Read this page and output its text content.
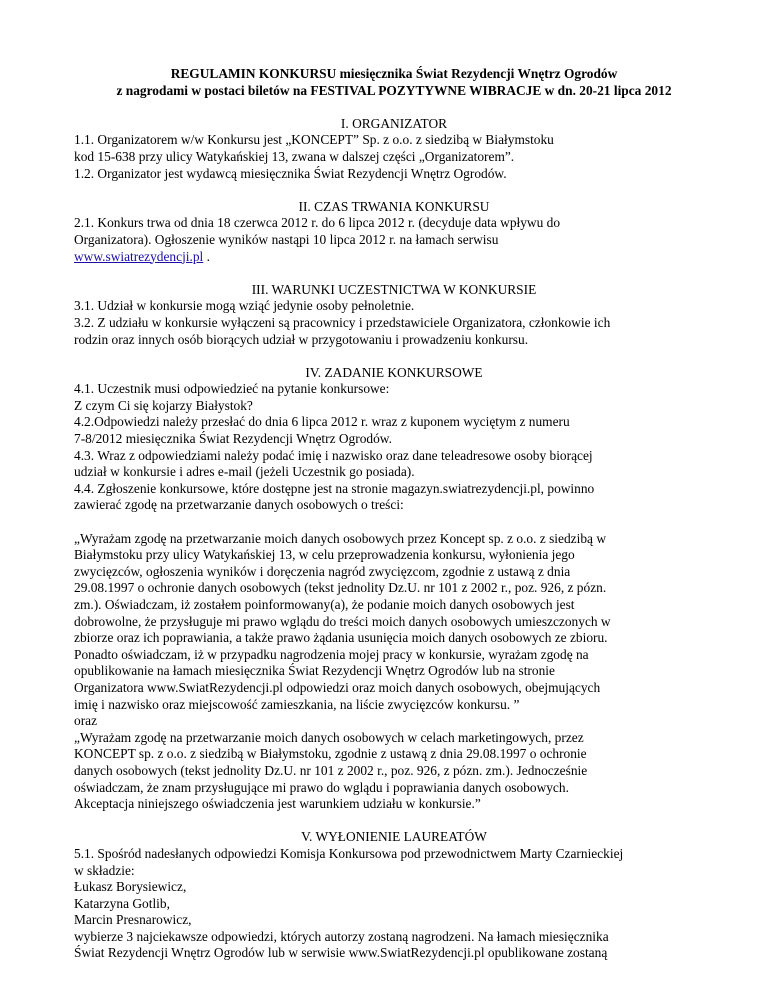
REGULAMIN KONKURSU miesięcznika Świat Rezydencji Wnętrz Ogrodów
z nagrodami w postaci biletów na FESTIVAL POZYTYWNE WIBRACJE w dn. 20-21 lipca 2012
I. ORGANIZATOR
1.1. Organizatorem w/w Konkursu jest „KONCEPT” Sp. z o.o. z siedzibą w Białymstoku
kod 15-638 przy ulicy Watykańskiej 13, zwana w dalszej części „Organizatorem”.
1.2. Organizator jest wydawcą miesięcznika Świat Rezydencji Wnętrz Ogrodów.
II. CZAS TRWANIA KONKURSU
2.1. Konkurs trwa od dnia 18 czerwca 2012 r. do 6 lipca 2012 r. (decyduje data wpływu do
Organizatora). Ogłoszenie wyników nastąpi 10 lipca 2012 r. na łamach serwisu
www.swiatrezydencji.pl .
III. WARUNKI UCZESTNICTWA W KONKURSIE
3.1. Udział w konkursie mogą wziąć jedynie osoby pełnoletnie.
3.2. Z udziału w konkursie wyłączeni są pracownicy i przedstawiciele Organizatora, członkowie ich
rodzin oraz innych osób biorących udział w przygotowaniu i prowadzeniu konkursu.
IV. ZADANIE KONKURSOWE
4.1. Uczestnik musi odpowiedzieć na pytanie konkursowe:
Z czym Ci się kojarzy Białystok?
4.2.Odpowiedzi należy przesłać do dnia 6 lipca 2012 r. wraz z kuponem wyciętym z numeru
7-8/2012 miesięcznika Świat Rezydencji Wnętrz Ogrodów.
4.3. Wraz z odpowiedziami należy podać imię i nazwisko oraz dane teleadresowe osoby biorącej
udział w konkursie i adres e-mail (jeżeli Uczestnik go posiada).
4.4. Zgłoszenie konkursowe, które dostępne jest na stronie magazyn.swiatrezydencji.pl, powinno
zawierać zgodę na przetwarzanie danych osobowych o treści:
„Wyrażam zgodę na przetwarzanie moich danych osobowych przez Koncept sp. z o.o. z siedzibą w
Białymstoku przy ulicy Watykańskiej 13, w celu przeprowadzenia konkursu, wyłonienia jego
zwycięzców, ogłoszenia wyników i doręczenia nagród zwycięzcom, zgodnie z ustawą z dnia
29.08.1997 o ochronie danych osobowych (tekst jednolity Dz.U. nr 101 z 2002 r., poz. 926, z pózn.
zm.). Oświadczam, iż zostałem poinformowany(a), że podanie moich danych osobowych jest
dobrowolne, że przysługuje mi prawo wglądu do treści moich danych osobowych umieszczonych w
zbiorze oraz ich poprawiania, a także prawo żądania usunięcia moich danych osobowych ze zbioru.
Ponadto oświadczam, iż w przypadku nagrodzenia mojej pracy w konkursie, wyrażam zgodę na
opublikowanie na łamach miesięcznika Świat Rezydencji Wnętrz Ogrodów lub na stronie
Organizatora www.SwiatRezydencji.pl odpowiedzi oraz moich danych osobowych, obejmujących
imię i nazwisko oraz miejscowość zamieszkania, na liście zwycięzców konkursu. ”
oraz
„Wyrażam zgodę na przetwarzanie moich danych osobowych w celach marketingowych, przez
KONCEPT sp. z o.o. z siedzibą w Białymstoku, zgodnie z ustawą z dnia 29.08.1997 o ochronie
danych osobowych (tekst jednolity Dz.U. nr 101 z 2002 r., poz. 926, z pózn. zm.). Jednocześnie
oświadczam, że znam przysługujące mi prawo do wglądu i poprawiania danych osobowych.
Akceptacja niniejszego oświadczenia jest warunkiem udziału w konkursie.”
V. WYŁONIENIE LAUREATÓW
5.1. Spośród nadesłanych odpowiedzi Komisja Konkursowa pod przewodnictwem Marty Czarnieckiej
w składzie:
Łukasz Borysiewicz,
Katarzyna Gotlib,
Marcin Presnarowicz,
wybierze 3 najciekawsze odpowiedzi, których autorzy zostaną nagrodzeni. Na łamach miesięcznika
Świat Rezydencji Wnętrz Ogrodów lub w serwisie www.SwiatRezydencji.pl opublikowane zostaną
